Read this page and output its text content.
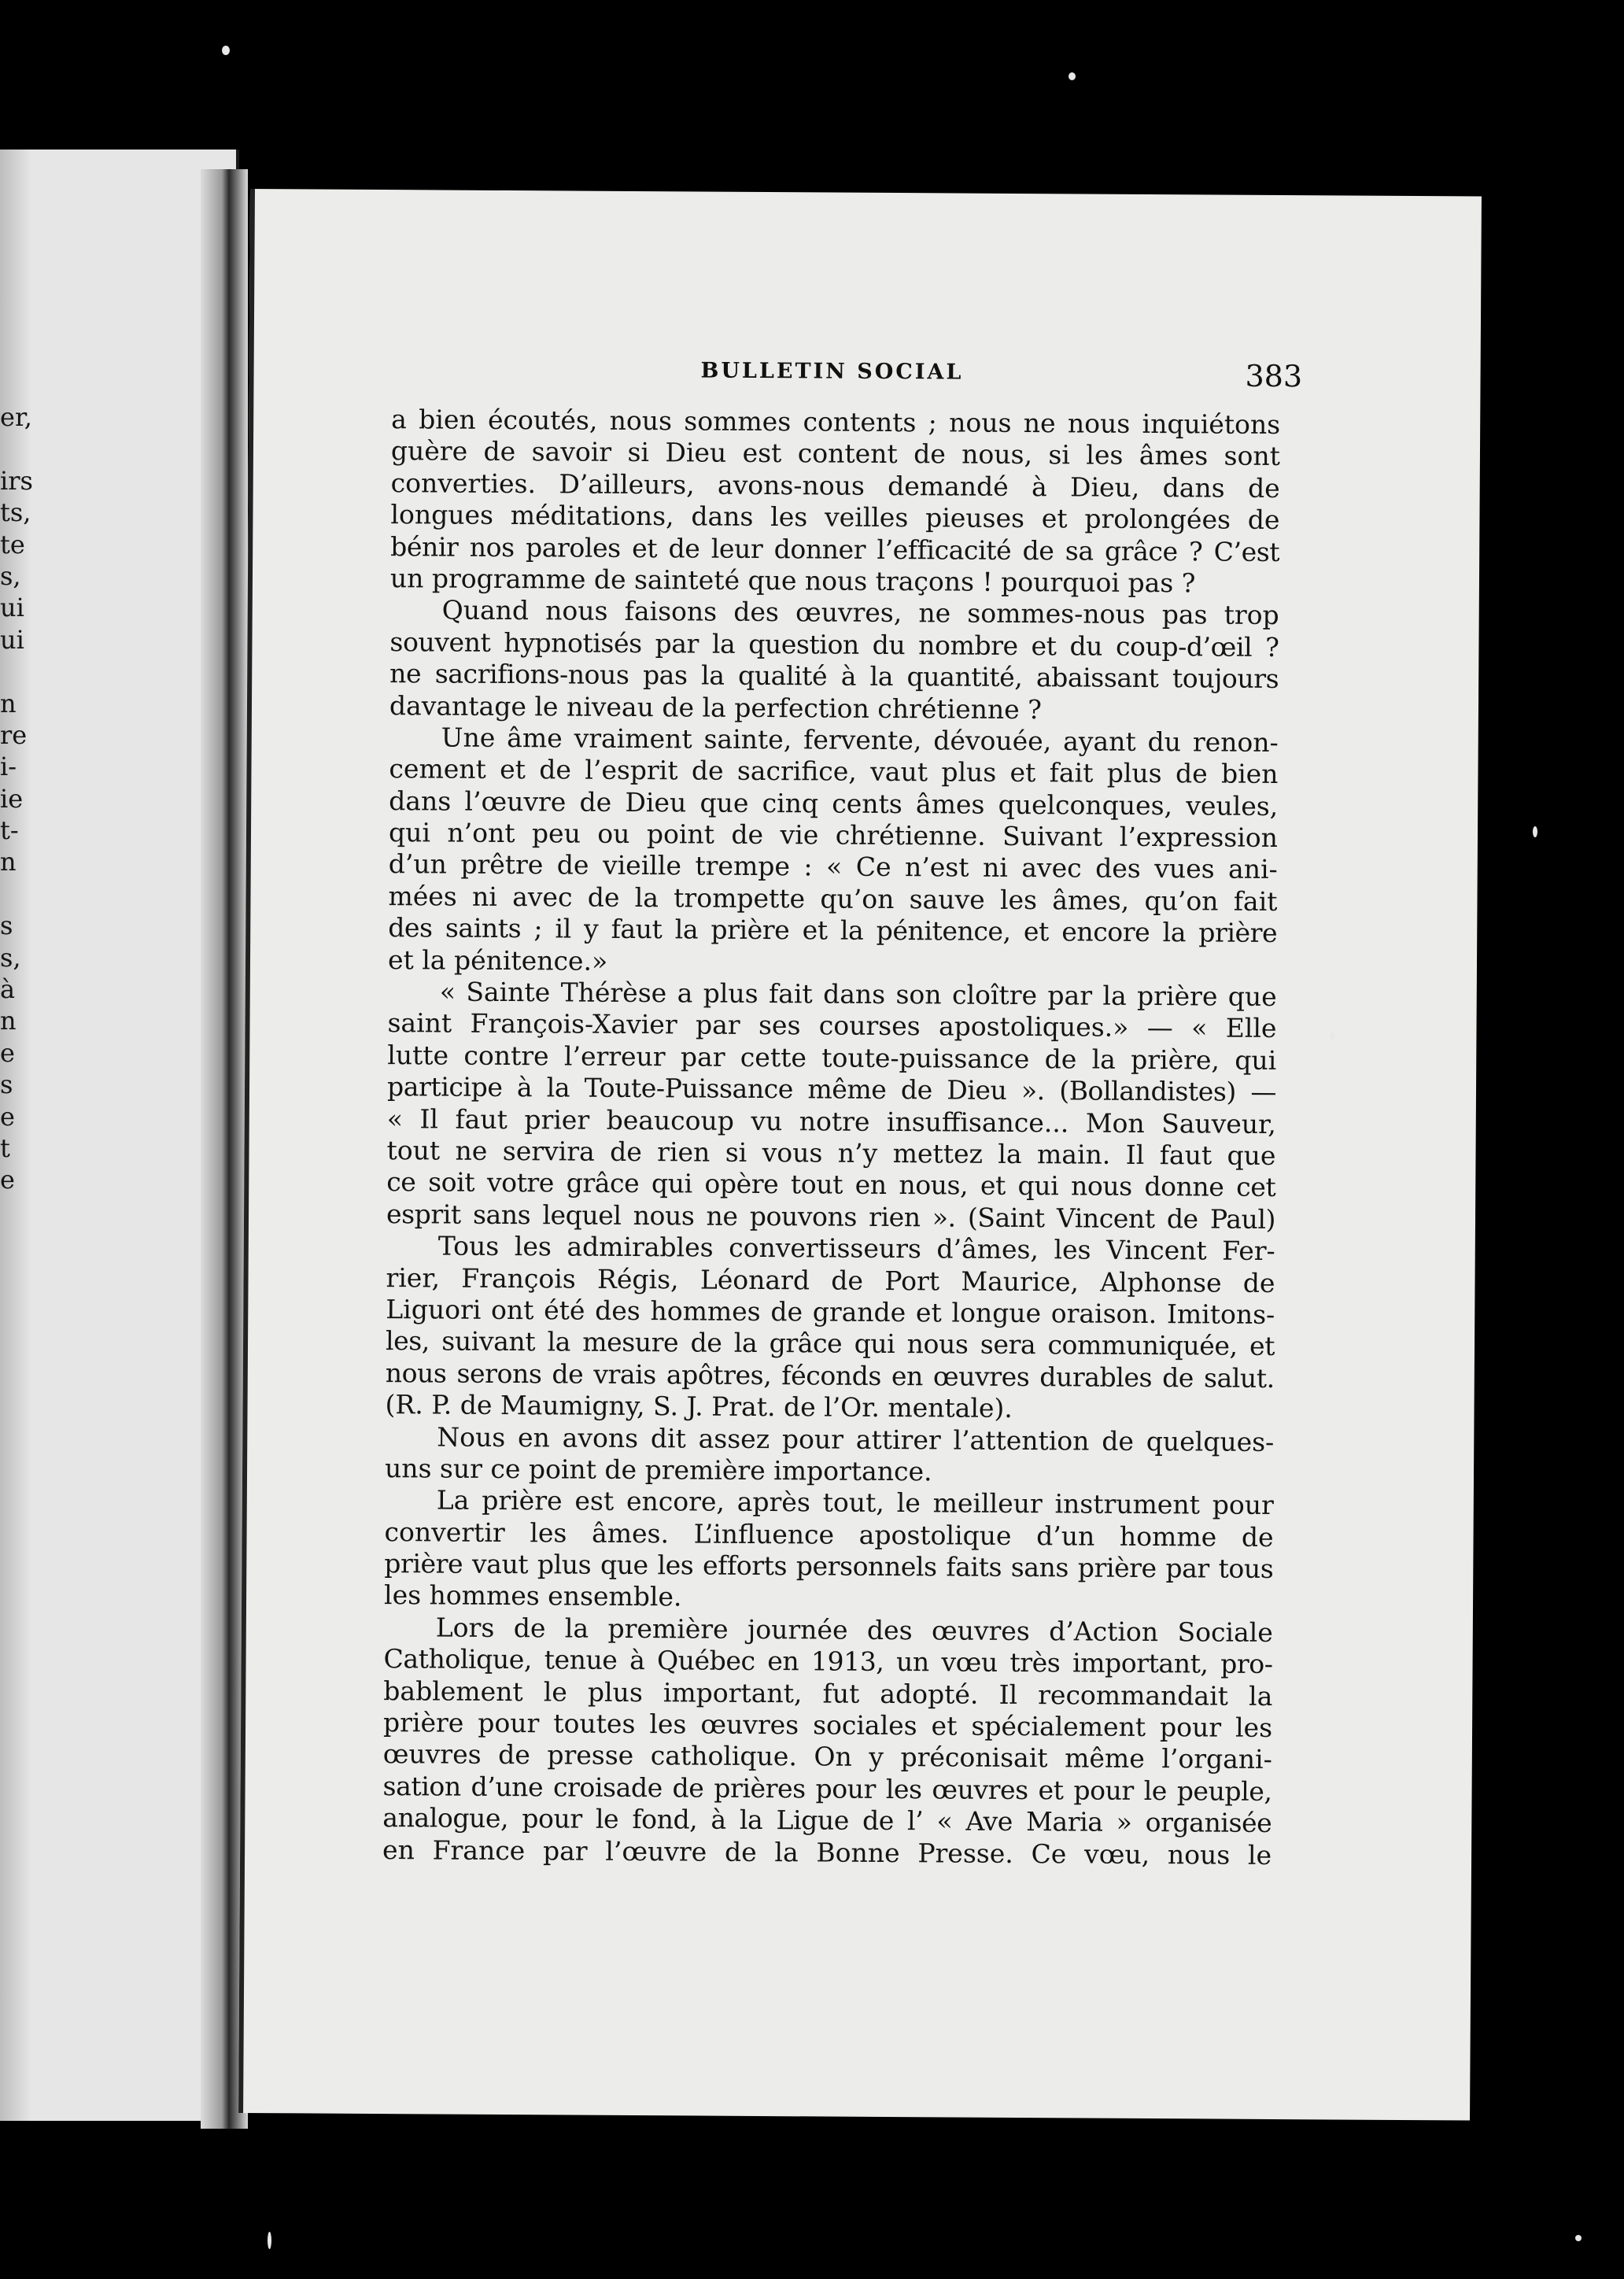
er,
irs
ts,
te
s,
ui
ui
n
re
i-
ie
t-
n
s
s,
à
n
e
s
e
t
e
BULLETIN SOCIAL	383
a bien écoutés, nous sommes contents ; nous ne nous inquiétons
guère de savoir si Dieu est content de nous, si les âmes sont
converties. D’ailleurs, avons-nous demandé à Dieu, dans de
longues méditations, dans les veilles pieuses et prolongées de
bénir nos paroles et de leur donner l’efficacité de sa grâce ? C’est
un programme de sainteté que nous traçons ! pourquoi pas ?
Quand nous faisons des œuvres, ne sommes-nous pas trop
souvent hypnotisés par la question du nombre et du coup-d’œil ?
ne sacrifions-nous pas la qualité à la quantité, abaissant toujours
davantage le niveau de la perfection chrétienne ?
Une âme vraiment sainte, fervente, dévouée, ayant du renon-
cement et de l’esprit de sacrifice, vaut plus et fait plus de bien
dans l’œuvre de Dieu que cinq cents âmes quelconques, veules,
qui n’ont peu ou point de vie chrétienne. Suivant l’expression
d’un prêtre de vieille trempe : « Ce n’est ni avec des vues ani-
mées ni avec de la trompette qu’on sauve les âmes, qu’on fait
des saints ; il y faut la prière et la pénitence, et encore la prière
et la pénitence.»
« Sainte Thérèse a plus fait dans son cloître par la prière que
saint François-Xavier par ses courses apostoliques.» — « Elle
lutte contre l’erreur par cette toute-puissance de la prière, qui
participe à la Toute-Puissance même de Dieu ». (Bollandistes) —
« Il faut prier beaucoup vu notre insuffisance... Mon Sauveur,
tout ne servira de rien si vous n’y mettez la main. Il faut que
ce soit votre grâce qui opère tout en nous, et qui nous donne cet
esprit sans lequel nous ne pouvons rien ». (Saint Vincent de Paul)
Tous les admirables convertisseurs d’âmes, les Vincent Fer-
rier, François Régis, Léonard de Port Maurice, Alphonse de
Liguori ont été des hommes de grande et longue oraison. Imitons-
les, suivant la mesure de la grâce qui nous sera communiquée, et
nous serons de vrais apôtres, féconds en œuvres durables de salut.
(R. P. de Maumigny, S. J. Prat. de l’Or. mentale).
Nous en avons dit assez pour attirer l’attention de quelques-
uns sur ce point de première importance.
La prière est encore, après tout, le meilleur instrument pour
convertir les âmes. L’influence apostolique d’un homme de
prière vaut plus que les efforts personnels faits sans prière par tous
les hommes ensemble.
Lors de la première journée des œuvres d’Action Sociale
Catholique, tenue à Québec en 1913, un vœu très important, pro-
bablement le plus important, fut adopté. Il recommandait la
prière pour toutes les œuvres sociales et spécialement pour les
œuvres de presse catholique. On y préconisait même l’organi-
sation d’une croisade de prières pour les œuvres et pour le peuple,
analogue, pour le fond, à la Ligue de l’ « Ave Maria » organisée
en France par l’œuvre de la Bonne Presse. Ce vœu, nous le
